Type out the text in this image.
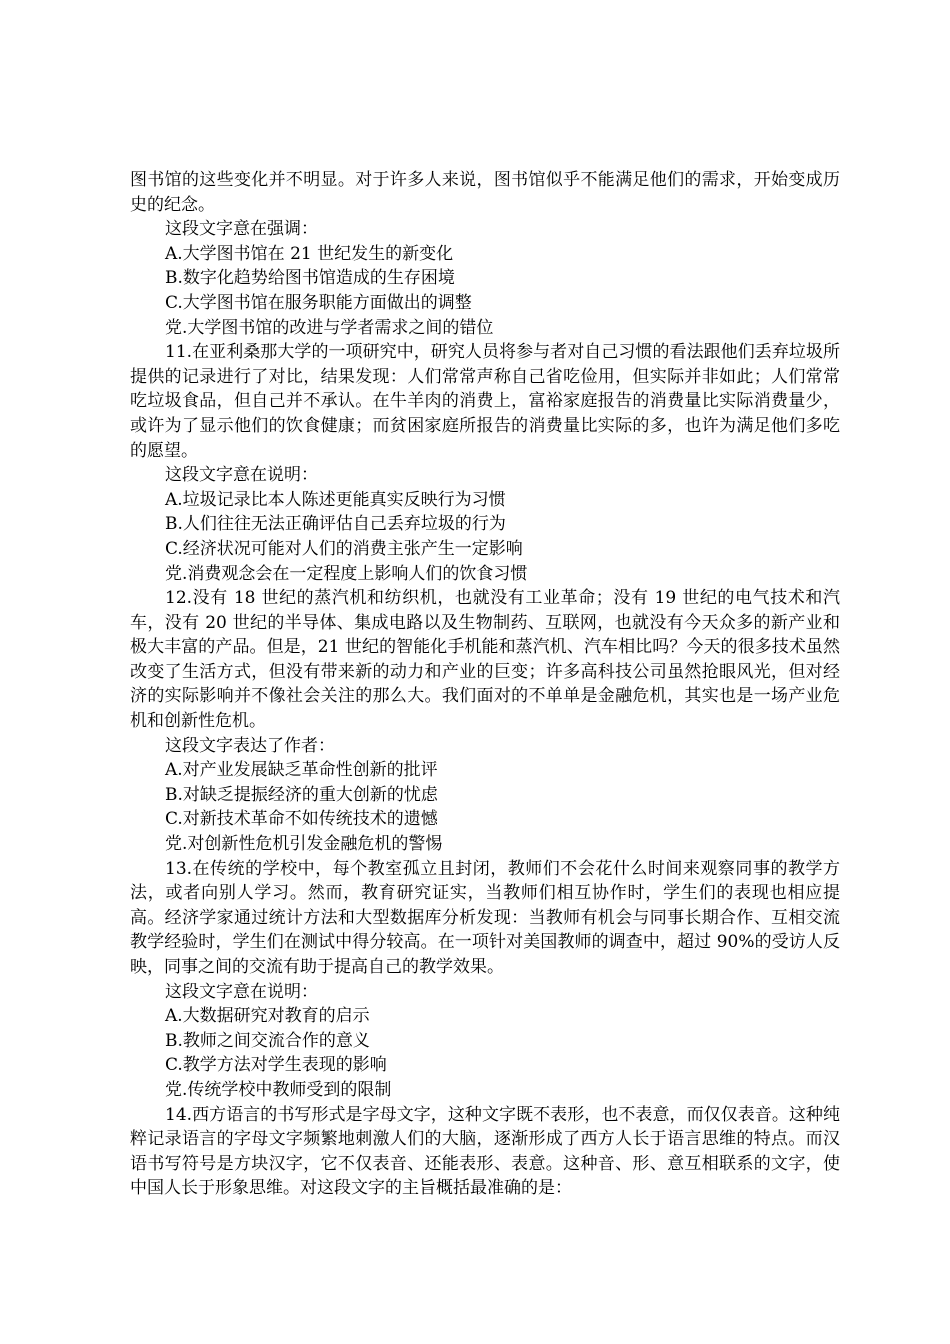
图书馆的这些变化并不明显。对于许多人来说，图书馆似乎不能满足他们的需求，开始变成历史的纪念。

这段文字意在强调：

A.大学图书馆在 21 世纪发生的新变化

B.数字化趋势给图书馆造成的生存困境

C.大学图书馆在服务职能方面做出的调整

党.大学图书馆的改进与学者需求之间的错位

11.在亚利桑那大学的一项研究中，研究人员将参与者对自己习惯的看法跟他们丢弃垃圾所提供的记录进行了对比，结果发现：人们常常声称自己省吃俭用，但实际并非如此；人们常常吃垃圾食品，但自己并不承认。在牛羊肉的消费上，富裕家庭报告的消费量比实际消费量少，或许为了显示他们的饮食健康；而贫困家庭所报告的消费量比实际的多，也许为满足他们多吃的愿望。

这段文字意在说明：

A.垃圾记录比本人陈述更能真实反映行为习惯

B.人们往往无法正确评估自己丢弃垃圾的行为

C.经济状况可能对人们的消费主张产生一定影响

党.消费观念会在一定程度上影响人们的饮食习惯

12.没有 18 世纪的蒸汽机和纺织机，也就没有工业革命；没有 19 世纪的电气技术和汽车，没有 20 世纪的半导体、集成电路以及生物制药、互联网，也就没有今天众多的新产业和极大丰富的产品。但是，21 世纪的智能化手机能和蒸汽机、汽车相比吗？今天的很多技术虽然改变了生活方式，但没有带来新的动力和产业的巨变；许多高科技公司虽然抢眼风光，但对经济的实际影响并不像社会关注的那么大。我们面对的不单单是金融危机，其实也是一场产业危机和创新性危机。

这段文字表达了作者：

A.对产业发展缺乏革命性创新的批评

B.对缺乏提振经济的重大创新的忧虑

C.对新技术革命不如传统技术的遗憾

党.对创新性危机引发金融危机的警惕

13.在传统的学校中，每个教室孤立且封闭，教师们不会花什么时间来观察同事的教学方法，或者向别人学习。然而，教育研究证实，当教师们相互协作时，学生们的表现也相应提高。经济学家通过统计方法和大型数据库分析发现：当教师有机会与同事长期合作、互相交流教学经验时，学生们在测试中得分较高。在一项针对美国教师的调查中，超过 90%的受访人反映，同事之间的交流有助于提高自己的教学效果。

这段文字意在说明：

A.大数据研究对教育的启示

B.教师之间交流合作的意义

C.教学方法对学生表现的影响

党.传统学校中教师受到的限制

14.西方语言的书写形式是字母文字，这种文字既不表形，也不表意，而仅仅表音。这种纯粹记录语言的字母文字频繁地刺激人们的大脑，逐渐形成了西方人长于语言思维的特点。而汉语书写符号是方块汉字，它不仅表音、还能表形、表意。这种音、形、意互相联系的文字，使中国人长于形象思维。对这段文字的主旨概括最准确的是：
